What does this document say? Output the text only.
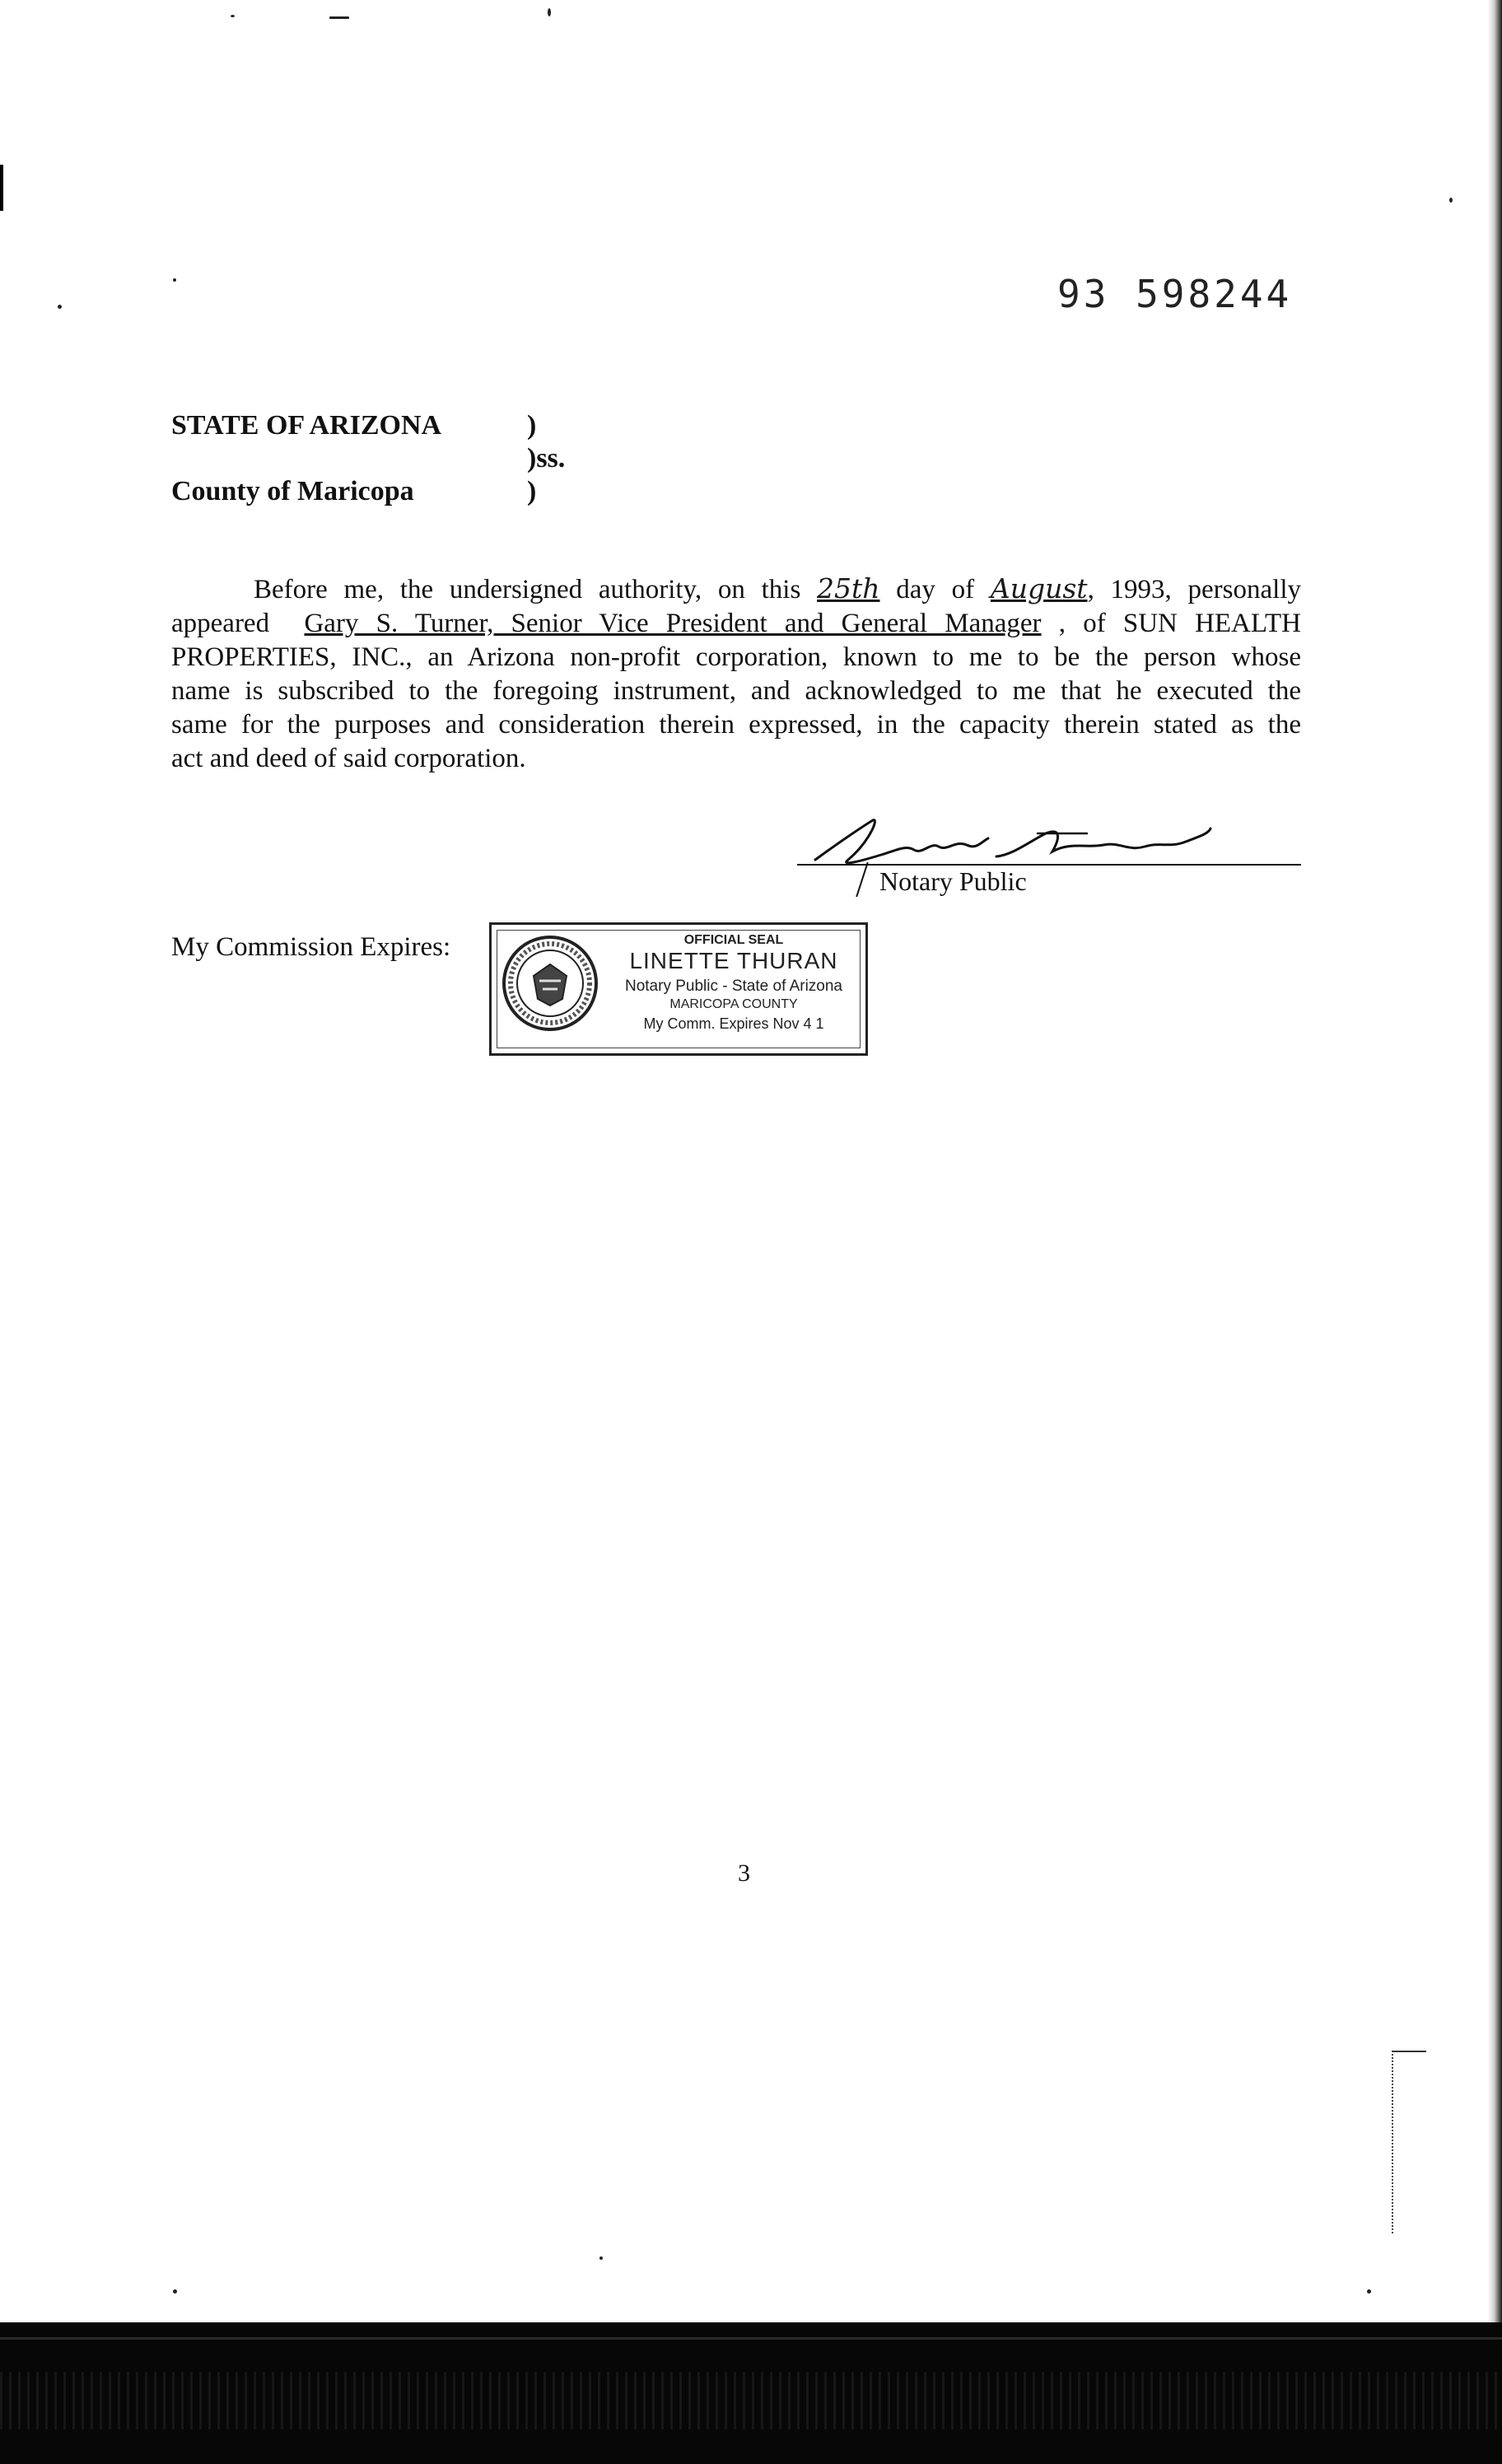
93 598244
STATE OF ARIZONA
County of Maricopa
)
)ss.
)
Before me, the undersigned authority, on this 25th day of August, 1993, personally
appeared Gary S. Turner, Senior Vice President and General Manager , of SUN HEALTH
PROPERTIES, INC., an Arizona non-profit corporation, known to me to be the person whose
name is subscribed to the foregoing instrument, and acknowledged to me that he executed the
same for the purposes and consideration therein expressed, in the capacity therein stated as the
act and deed of said corporation.
Notary Public
My Commission Expires:	OFFICIAL SEAL
LINETTE THURAN
Notary Public - State of Arizona
MARICOPA COUNTY
My Comm. Expires Nov 4 1
3
